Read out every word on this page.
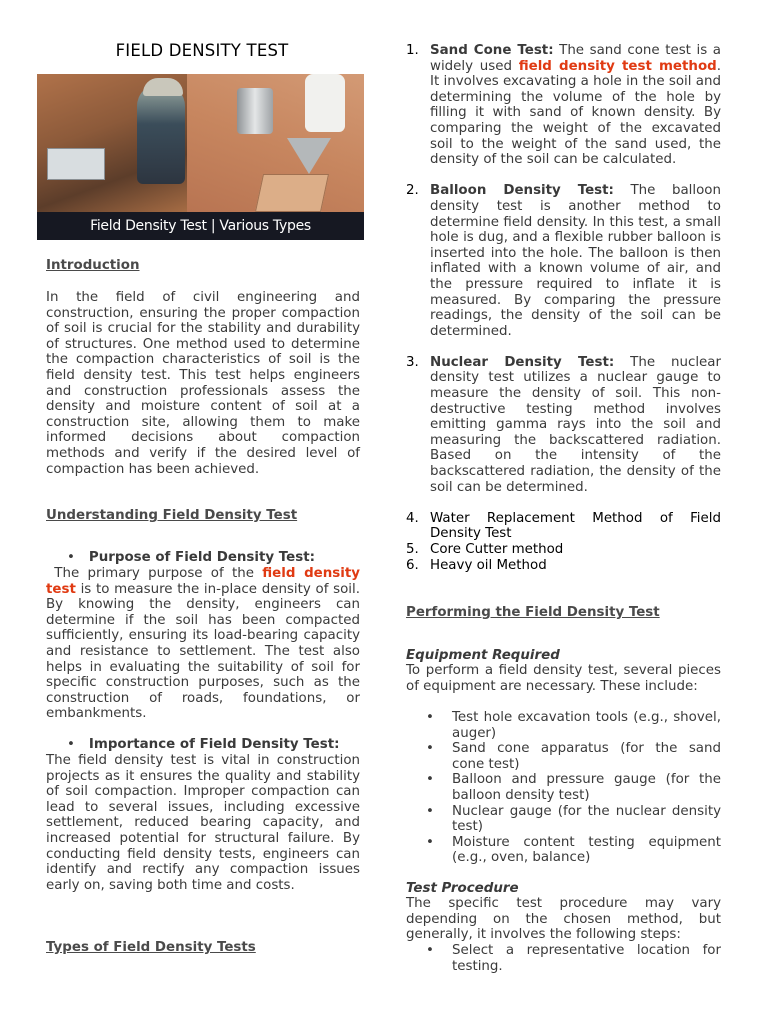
FIELD DENSITY TEST
Field Density Test | Various Types
Introduction

In the field of civil engineering and construction, ensuring the proper compaction of soil is crucial for the stability and durability of structures. One method used to determine the compaction characteristics of soil is the field density test. This test helps engineers and construction professionals assess the density and moisture content of soil at a construction site, allowing them to make informed decisions about compaction methods and verify if the desired level of compaction has been achieved.

Understanding Field Density Test
• Purpose of Field Density Test:

The primary purpose of the field density test is to measure the in-place density of soil. By knowing the density, engineers can determine if the soil has been compacted sufficiently, ensuring its load-bearing capacity and resistance to settlement. The test also helps in evaluating the suitability of soil for specific construction purposes, such as the construction of roads, foundations, or embankments.

• Importance of Field Density Test:

The field density test is vital in construction projects as it ensures the quality and stability of soil compaction. Improper compaction can lead to several issues, including excessive settlement, reduced bearing capacity, and increased potential for structural failure. By conducting field density tests, engineers can identify and rectify any compaction issues early on, saving both time and costs.

Types of Field Density Tests
1. Sand Cone Test: The sand cone test is a widely used field density test method. It involves excavating a hole in the soil and determining the volume of the hole by filling it with sand of known density. By comparing the weight of the excavated soil to the weight of the sand used, the density of the soil can be calculated.
2. Balloon Density Test: The balloon density test is another method to determine field density. In this test, a small hole is dug, and a flexible rubber balloon is inserted into the hole. The balloon is then inflated with a known volume of air, and the pressure required to inflate it is measured. By comparing the pressure readings, the density of the soil can be determined.
3. Nuclear Density Test: The nuclear density test utilizes a nuclear gauge to measure the density of soil. This non-destructive testing method involves emitting gamma rays into the soil and measuring the backscattered radiation. Based on the intensity of the backscattered radiation, the density of the soil can be determined.
4. Water Replacement Method of Field Density Test
5. Core Cutter method
6. Heavy oil Method
Performing the Field Density Test
Equipment Required

To perform a field density test, several pieces of equipment are necessary. These include:

• Test hole excavation tools (e.g., shovel, auger)
• Sand cone apparatus (for the sand cone test)
• Balloon and pressure gauge (for the balloon density test)
• Nuclear gauge (for the nuclear density test)
• Moisture content testing equipment (e.g., oven, balance)
Test Procedure

The specific test procedure may vary depending on the chosen method, but generally, it involves the following steps:

• Select a representative location for testing.
